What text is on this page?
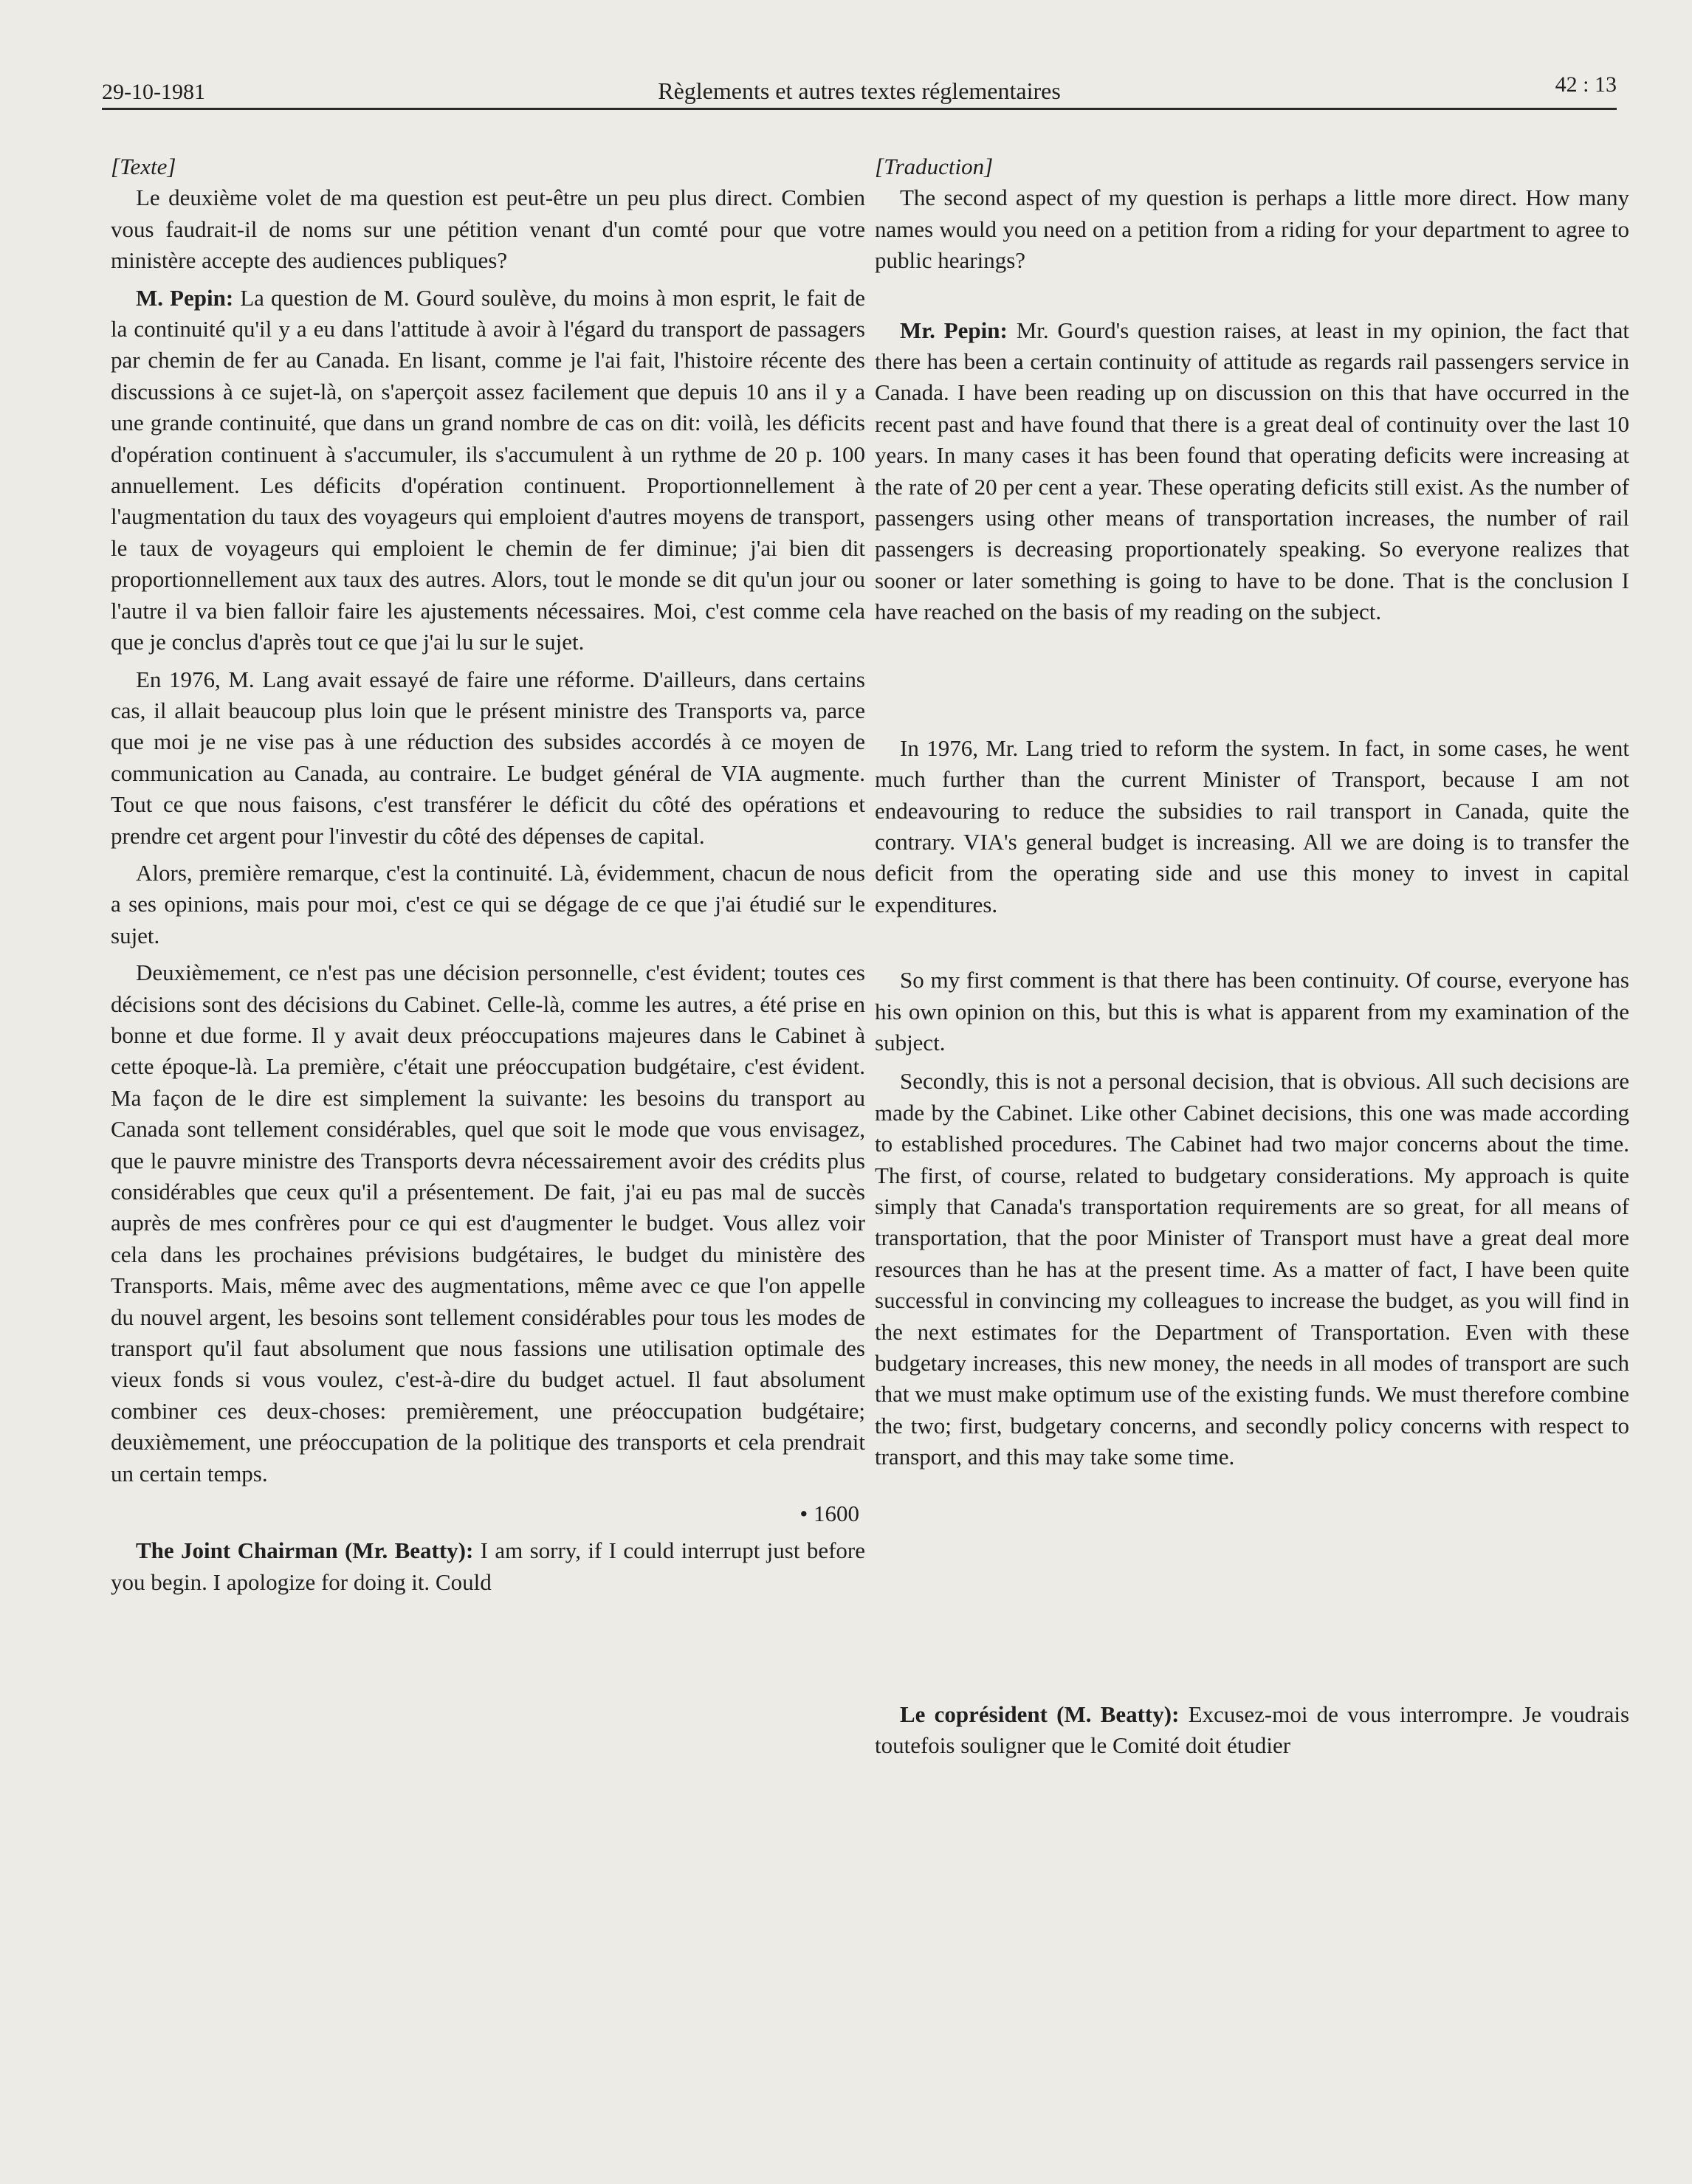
29-10-1981	Règlements et autres textes réglementaires	42 : 13

[Texte]

Le deuxième volet de ma question est peut-être un peu plus direct. Combien vous faudrait-il de noms sur une pétition venant d'un comté pour que votre ministère accepte des audiences publiques?

M. Pepin: La question de M. Gourd soulève, du moins à mon esprit, le fait de la continuité qu'il y a eu dans l'attitude à avoir à l'égard du transport de passagers par chemin de fer au Canada. En lisant, comme je l'ai fait, l'histoire récente des discussions à ce sujet-là, on s'aperçoit assez facilement que depuis 10 ans il y a une grande continuité, que dans un grand nombre de cas on dit: voilà, les déficits d'opération continuent à s'accumuler, ils s'accumulent à un rythme de 20 p. 100 annuellement. Les déficits d'opération continuent. Proportionnellement à l'augmentation du taux des voyageurs qui emploient d'autres moyens de transport, le taux de voyageurs qui emploient le chemin de fer diminue; j'ai bien dit proportionnellement aux taux des autres. Alors, tout le monde se dit qu'un jour ou l'autre il va bien falloir faire les ajustements nécessaires. Moi, c'est comme cela que je conclus d'après tout ce que j'ai lu sur le sujet.

En 1976, M. Lang avait essayé de faire une réforme. D'ailleurs, dans certains cas, il allait beaucoup plus loin que le présent ministre des Transports va, parce que moi je ne vise pas à une réduction des subsides accordés à ce moyen de communication au Canada, au contraire. Le budget général de VIA augmente. Tout ce que nous faisons, c'est transférer le déficit du côté des opérations et prendre cet argent pour l'investir du côté des dépenses de capital.

Alors, première remarque, c'est la continuité. Là, évidemment, chacun de nous a ses opinions, mais pour moi, c'est ce qui se dégage de ce que j'ai étudié sur le sujet.

Deuxièmement, ce n'est pas une décision personnelle, c'est évident; toutes ces décisions sont des décisions du Cabinet. Celle-là, comme les autres, a été prise en bonne et due forme. Il y avait deux préoccupations majeures dans le Cabinet à cette époque-là. La première, c'était une préoccupation budgétaire, c'est évident. Ma façon de le dire est simplement la suivante: les besoins du transport au Canada sont tellement considérables, quel que soit le mode que vous envisagez, que le pauvre ministre des Transports devra nécessairement avoir des crédits plus considérables que ceux qu'il a présentement. De fait, j'ai eu pas mal de succès auprès de mes confrères pour ce qui est d'augmenter le budget. Vous allez voir cela dans les prochaines prévisions budgétaires, le budget du ministère des Transports. Mais, même avec des augmentations, même avec ce que l'on appelle du nouvel argent, les besoins sont tellement considérables pour tous les modes de transport qu'il faut absolument que nous fassions une utilisation optimale des vieux fonds si vous voulez, c'est-à-dire du budget actuel. Il faut absolument combiner ces deux-choses: premièrement, une préoccupation budgétaire; deuxièmement, une préoccupation de la politique des transports et cela prendrait un certain temps.

• 1600

The Joint Chairman (Mr. Beatty): I am sorry, if I could interrupt just before you begin. I apologize for doing it. Could

[Traduction]

The second aspect of my question is perhaps a little more direct. How many names would you need on a petition from a riding for your department to agree to public hearings?

Mr. Pepin: Mr. Gourd's question raises, at least in my opinion, the fact that there has been a certain continuity of attitude as regards rail passengers service in Canada. I have been reading up on discussion on this that have occurred in the recent past and have found that there is a great deal of continuity over the last 10 years. In many cases it has been found that operating deficits were increasing at the rate of 20 per cent a year. These operating deficits still exist. As the number of passengers using other means of transportation increases, the number of rail passengers is decreasing proportionately speaking. So everyone realizes that sooner or later something is going to have to be done. That is the conclusion I have reached on the basis of my reading on the subject.

In 1976, Mr. Lang tried to reform the system. In fact, in some cases, he went much further than the current Minister of Transport, because I am not endeavouring to reduce the subsidies to rail transport in Canada, quite the contrary. VIA's general budget is increasing. All we are doing is to transfer the deficit from the operating side and use this money to invest in capital expenditures.

So my first comment is that there has been continuity. Of course, everyone has his own opinion on this, but this is what is apparent from my examination of the subject.

Secondly, this is not a personal decision, that is obvious. All such decisions are made by the Cabinet. Like other Cabinet decisions, this one was made according to established procedures. The Cabinet had two major concerns about the time. The first, of course, related to budgetary considerations. My approach is quite simply that Canada's transportation requirements are so great, for all means of transportation, that the poor Minister of Transport must have a great deal more resources than he has at the present time. As a matter of fact, I have been quite successful in convincing my colleagues to increase the budget, as you will find in the next estimates for the Department of Transportation. Even with these budgetary increases, this new money, the needs in all modes of transport are such that we must make optimum use of the existing funds. We must therefore combine the two; first, budgetary concerns, and secondly policy concerns with respect to transport, and this may take some time.

Le coprésident (M. Beatty): Excusez-moi de vous interrompre. Je voudrais toutefois souligner que le Comité doit étudier
